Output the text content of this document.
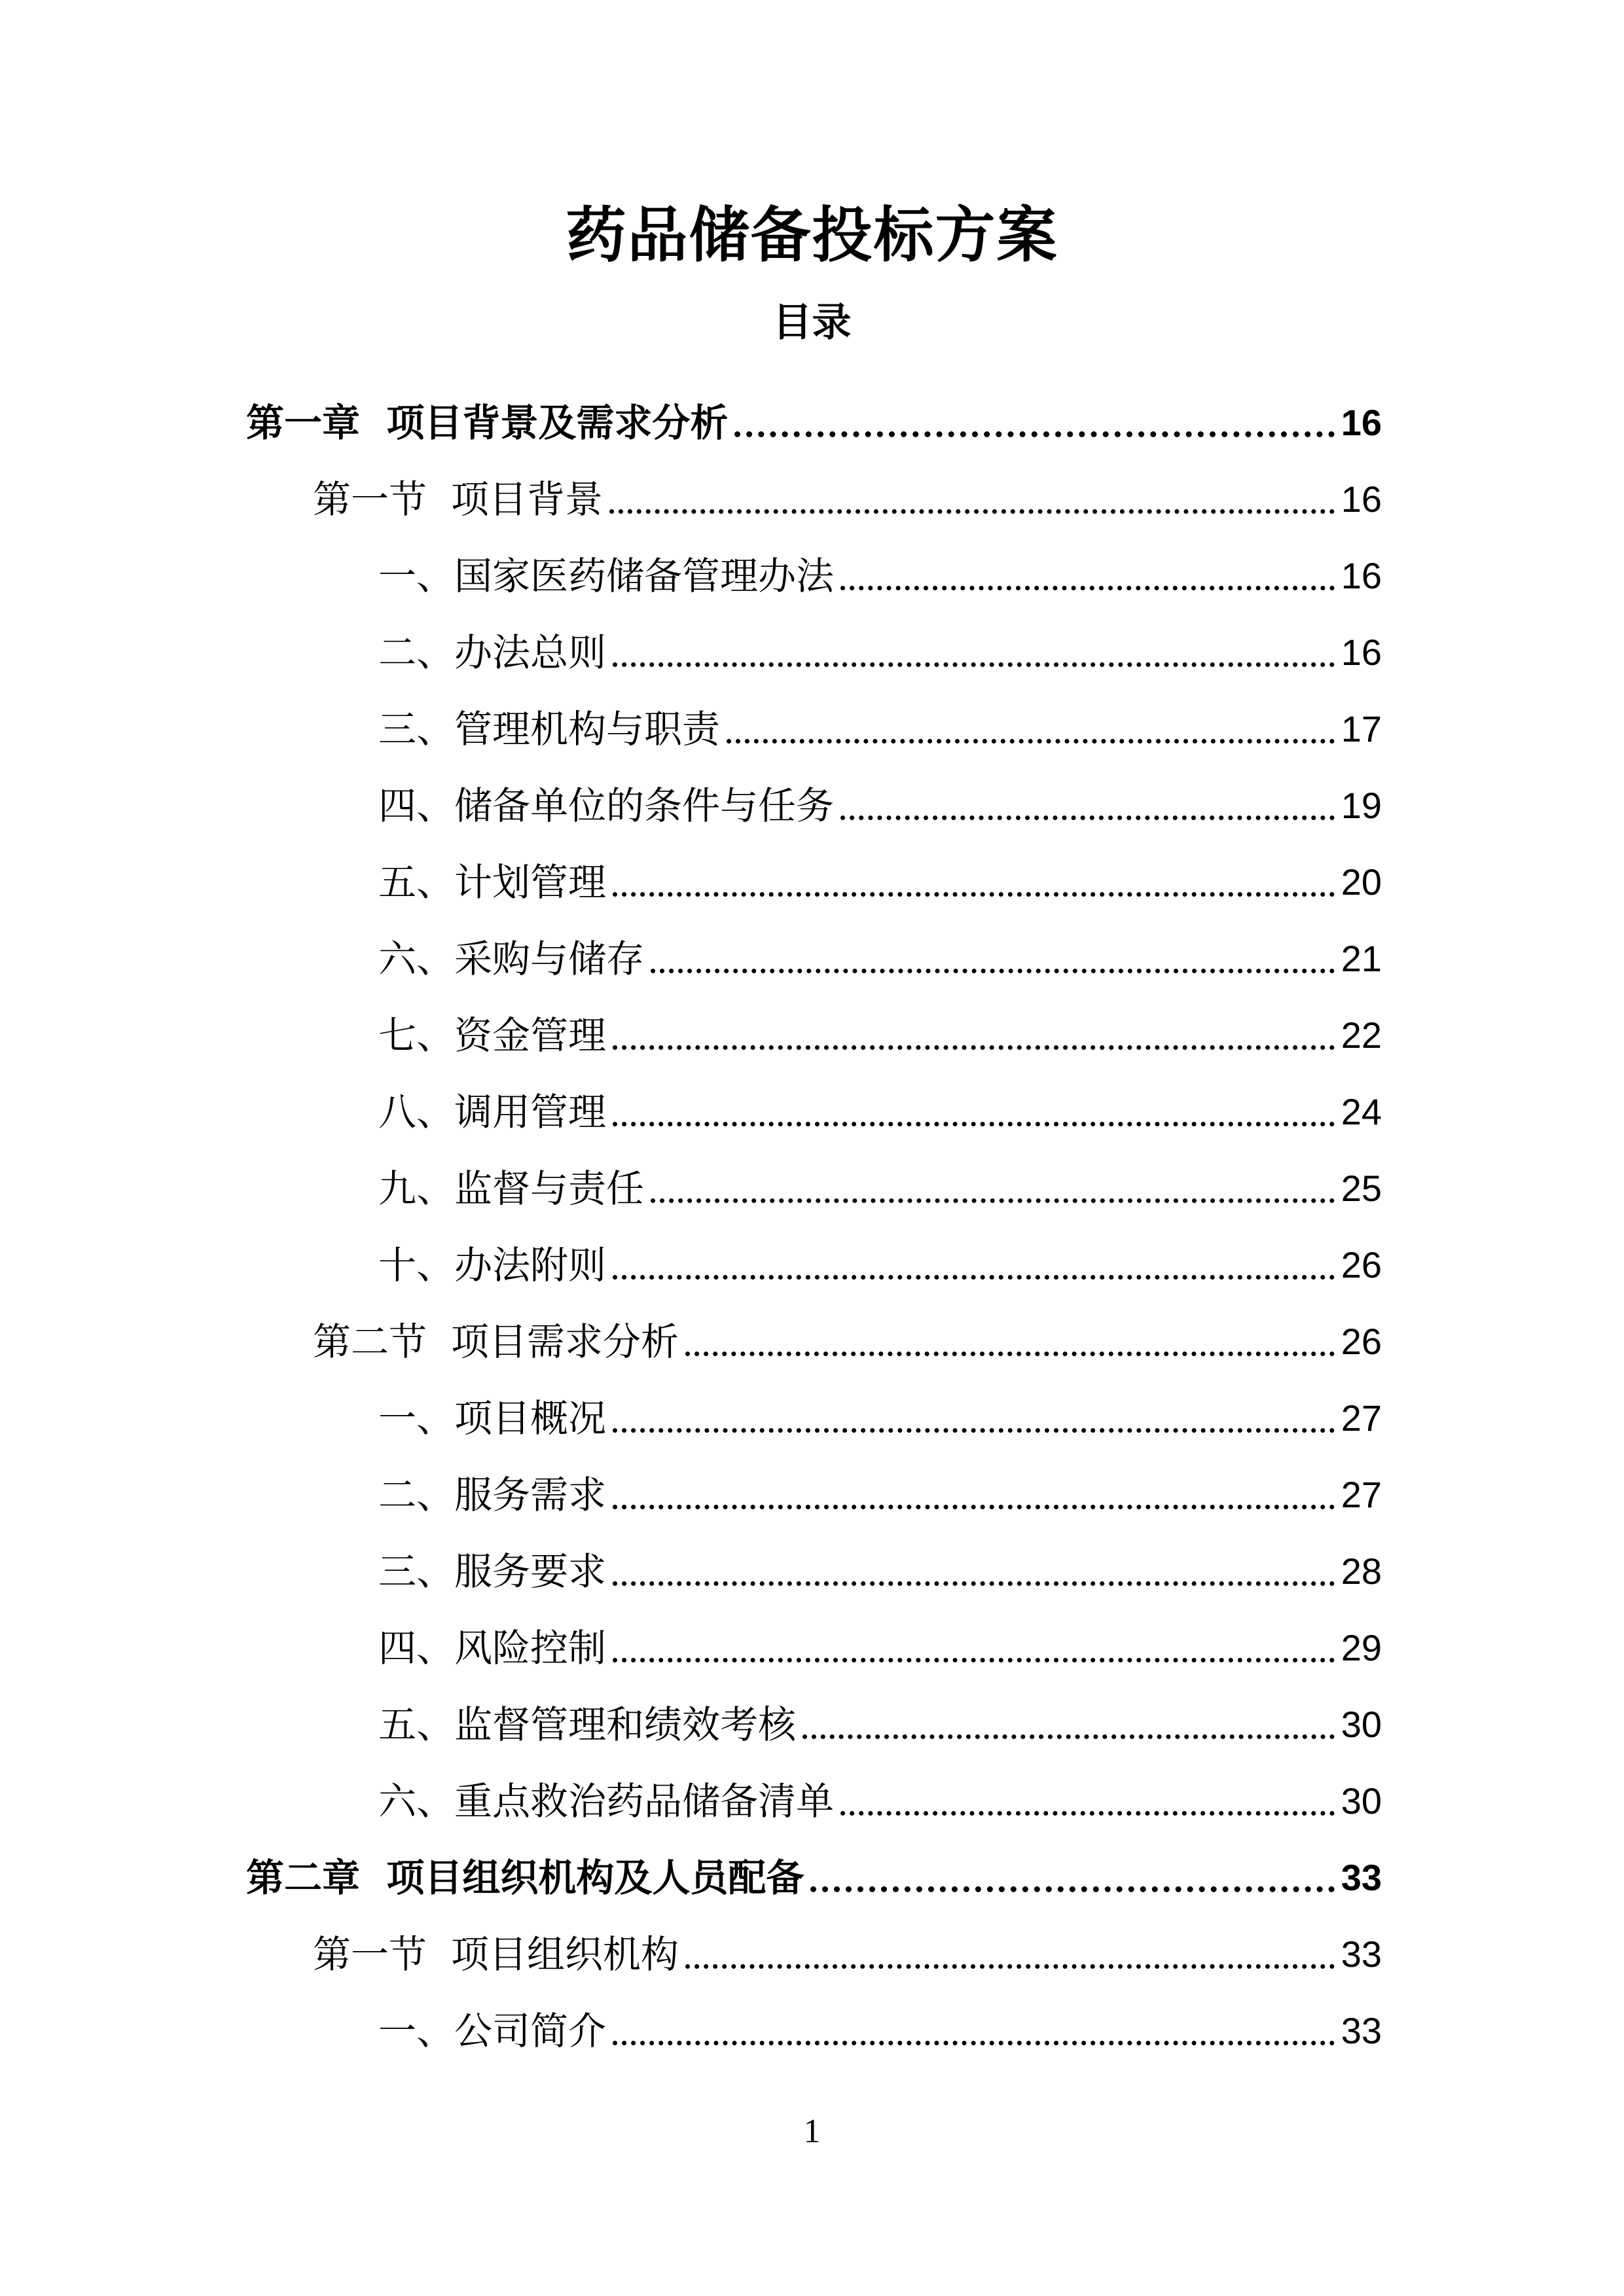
药品储备投标方案
目录
第一章  项目背景及需求分析	16
第一节  项目背景	16
一、国家医药储备管理办法	16
二、办法总则	16
三、管理机构与职责	17
四、储备单位的条件与任务	19
五、计划管理	20
六、采购与储存	21
七、资金管理	22
八、调用管理	24
九、监督与责任	25
十、办法附则	26
第二节  项目需求分析	26
一、项目概况	27
二、服务需求	27
三、服务要求	28
四、风险控制	29
五、监督管理和绩效考核	30
六、重点救治药品储备清单	30
第二章  项目组织机构及人员配备	33
第一节  项目组织机构	33
一、公司简介	33
1
